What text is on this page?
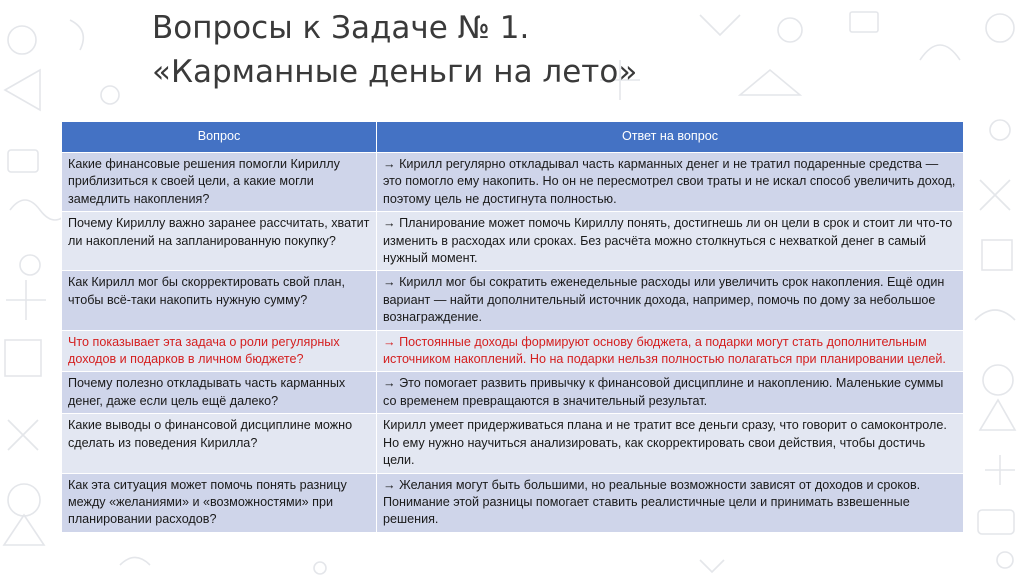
Вопросы к Задаче № 1.
«Карманные деньги на лето»
Вопрос	Ответ на вопрос
Какие финансовые решения помогли Кириллу приблизиться к своей цели, а какие могли замедлить накопления?	→ Кирилл регулярно откладывал часть карманных денег и не тратил подаренные средства — это помогло ему накопить. Но он не пересмотрел свои траты и не искал способ увеличить доход, поэтому цель не достигнута полностью.
Почему Кириллу важно заранее рассчитать, хватит ли накоплений на запланированную покупку?	→ Планирование может помочь Кириллу понять, достигнешь ли он цели в срок и стоит ли что-то изменить в расходах или сроках. Без расчёта можно столкнуться с нехваткой денег в самый нужный момент.
Как Кирилл мог бы скорректировать свой план, чтобы всё-таки накопить нужную сумму?	→ Кирилл мог бы сократить еженедельные расходы или увеличить срок накопления. Ещё один вариант — найти дополнительный источник дохода, например, помочь по дому за небольшое вознаграждение.
Что показывает эта задача о роли регулярных доходов и подарков в личном бюджете?	→ Постоянные доходы формируют основу бюджета, а подарки могут стать дополнительным источником накоплений. Но на подарки нельзя полностью полагаться при планировании целей.
Почему полезно откладывать часть карманных денег, даже если цель ещё далеко?	→ Это помогает развить привычку к финансовой дисциплине и накоплению. Маленькие суммы со временем превращаются в значительный результат.
Какие выводы о финансовой дисциплине можно сделать из поведения Кирилла?	Кирилл умеет придерживаться плана и не тратит все деньги сразу, что говорит о самоконтроле. Но ему нужно научиться анализировать, как скорректировать свои действия, чтобы достичь цели.
Как эта ситуация может помочь понять разницу между «желаниями» и «возможностями» при планировании расходов?	→ Желания могут быть большими, но реальные возможности зависят от доходов и сроков. Понимание этой разницы помогает ставить реалистичные цели и принимать взвешенные решения.
